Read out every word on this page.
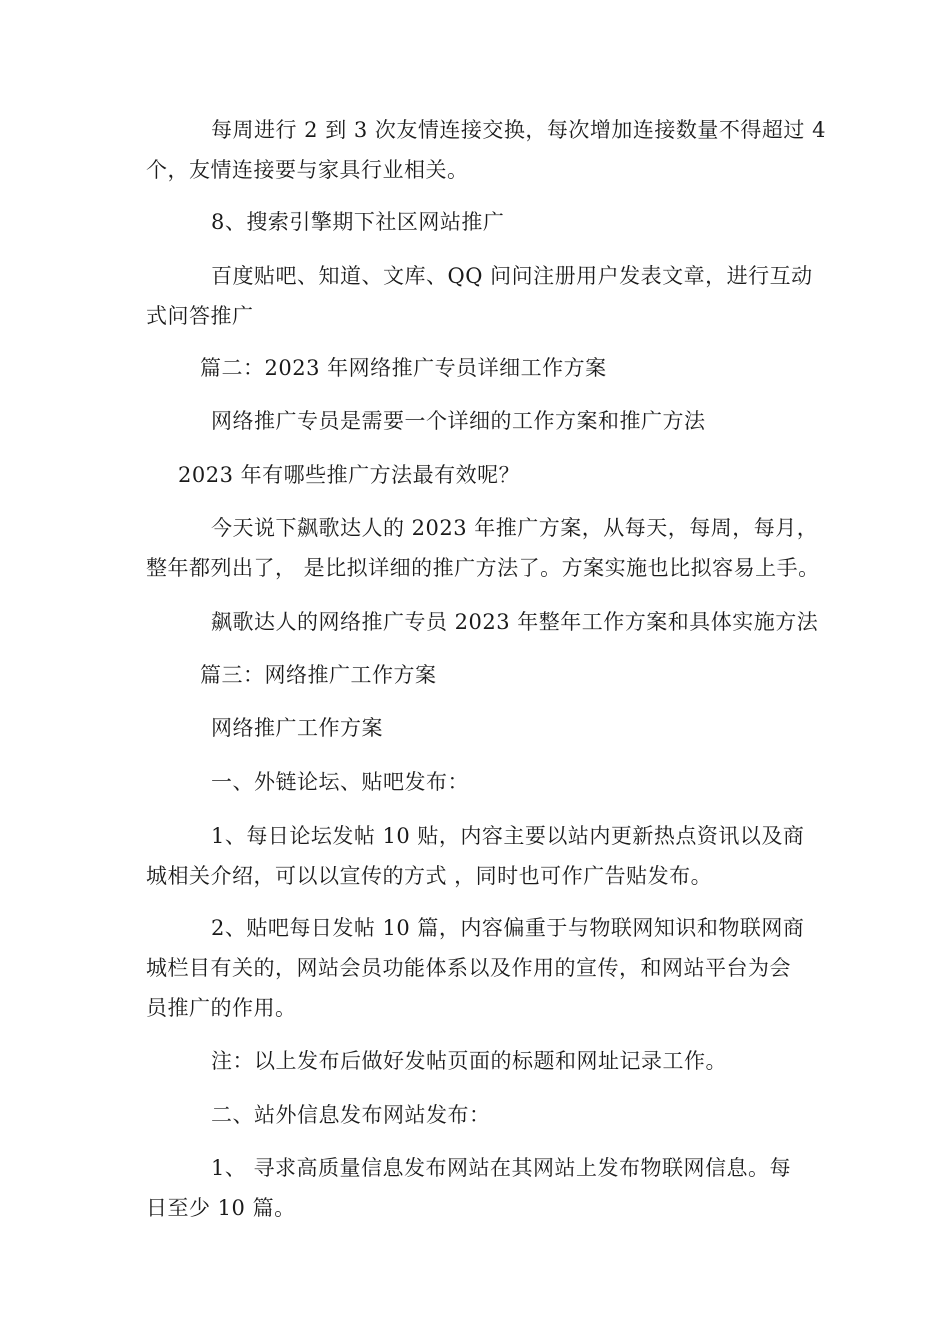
每周进行 2 到 3 次友情连接交换，每次增加连接数量不得超过 4
个，友情连接要与家具行业相关。
8、搜索引擎期下社区网站推广
百度贴吧、知道、文库、QQ 问问注册用户发表文章，进行互动
式问答推广
篇二：2023 年网络推广专员详细工作方案
网络推广专员是需要一个详细的工作方案和推广方法
2023 年有哪些推广方法最有效呢？
今天说下飙歌达人的 2023 年推广方案，从每天，每周，每月，
整年都列出了， 是比拟详细的推广方法了。方案实施也比拟容易上手。
飙歌达人的网络推广专员 2023 年整年工作方案和具体实施方法
篇三：网络推广工作方案
网络推广工作方案
一、外链论坛、贴吧发布：
1、每日论坛发帖 10 贴，内容主要以站内更新热点资讯以及商
城相关介绍，可以以宣传的方式 ，同时也可作广告贴发布。
2、贴吧每日发帖 10 篇，内容偏重于与物联网知识和物联网商
城栏目有关的，网站会员功能体系以及作用的宣传，和网站平台为会
员推广的作用。
注：以上发布后做好发帖页面的标题和网址记录工作。
二、站外信息发布网站发布：
1、 寻求高质量信息发布网站在其网站上发布物联网信息。每
日至少 10 篇。
